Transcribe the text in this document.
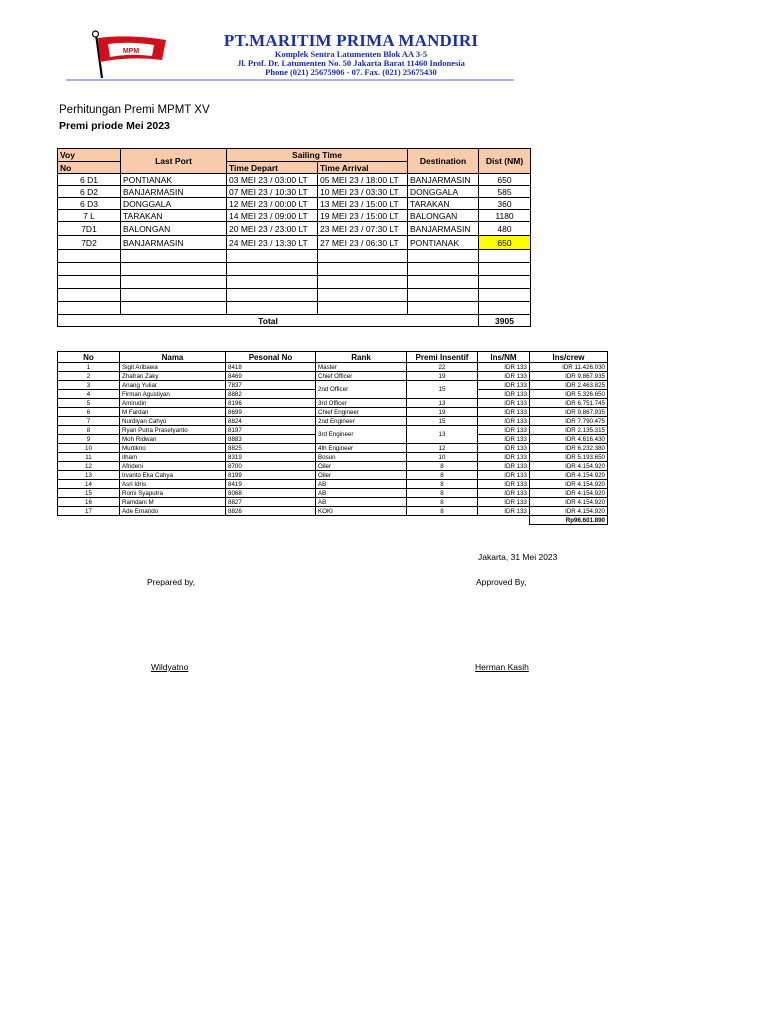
MPM
PT.MARITIM PRIMA MANDIRI
Komplek Sentra Latumenten Blok AA 3-5
Jl. Prof. Dr. Latumenten No. 50 Jakarta Barat 11460 Indonesia
Phone (021) 25675906 - 07. Fax. (021) 25675430
Perhitungan Premi MPMT XV
Premi priode Mei 2023
Voy	Last Port	Sailing Time		Destination	Dist (NM)
No		Time Depart	Time Arrival		
6 D1	PONTIANAK	03 MEI 23 / 03:00 LT	05 MEI 23 / 18:00 LT	BANJARMASIN	650
6 D2	BANJARMASIN	07 MEI 23 / 10:30 LT	10 MEI 23 / 03:30 LT	DONGGALA	585
6 D3	DONGGALA	12 MEI 23 / 00:00 LT	13 MEI 23 / 15:00 LT	TARAKAN	360
7 L	TARAKAN	14 MEI 23 / 09:00 LT	19 MEI 23 / 15:00 LT	BALONGAN	1180
7D1	BALONGAN	20 MEI 23 / 23:00 LT	23 MEI 23 / 07:30 LT	BANJARMASIN	480
7D2	BANJARMASIN	24 MEI 23 / 13:30 LT	27 MEI 23 / 06:30 LT	PONTIANAK	650

Total					3905
No	Nama	Pesonal No	Rank	Premi Insentif	Ins/NM	Ins/crew
1	Sigit Aribawa	8418	Master	22	IDR 133	IDR 11.426.030
2	Zhafran Zaky	8469	Chief Officer	19	IDR 133	IDR 9.867.935
3	Anang Yuliar	7837	2nd Officer	15	IDR 133	IDR 2.463.825
4	Firman Agustiyan	8882			IDR 133	IDR 5.326.650
5	Amirudin	8196	3rd Officer	13	IDR 133	IDR 6.751.745
6	M Fardan	8699	Chief Engineer	19	IDR 133	IDR 9.867.935
7	Nurdiyan Cahyo	8824	2nd Engineer	15	IDR 133	IDR 7.790.475
8	Ryan Putra Prasetyanto	8197	3rd Engineer	13	IDR 133	IDR 2.135.315
9	Moh Ridwan	8883			IDR 133	IDR 4.616.430
10	Murtikno	8825	4th Engineer	12	IDR 133	IDR 6.232.380
11	Ilham	8319	Bosun	10	IDR 133	IDR 5.193.650
12	Afrideni	8700	Oiler	8	IDR 133	IDR 4.154.920
13	Irvanto Eka Cahya	8199	Oiler	8	IDR 133	IDR 4.154.920
14	Asri Idris	8419	AB	8	IDR 133	IDR 4.154.920
15	Romi Syaputra	8068	AB	8	IDR 133	IDR 4.154.920
16	Ramdani M	8827	AB	8	IDR 133	IDR 4.154.920
17	Ade Ernando	8826	KOKI	8	IDR 133	IDR 4.154.920
						Rp96.601.890
Jakarta, 31 Mei 2023
Prepared by,	Approved By,
Wildyatno	Herman Kasih
